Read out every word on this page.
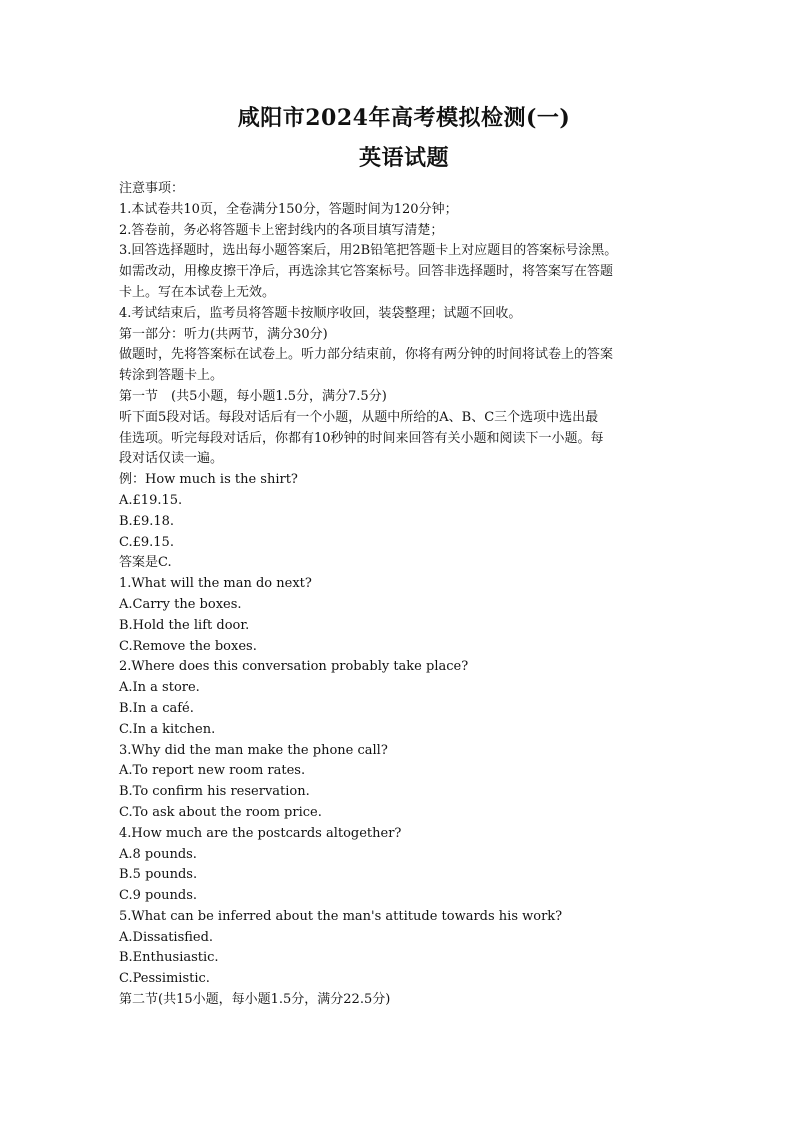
咸阳市2024年高考模拟检测(一)
英语试题
注意事项：
1.本试卷共10页，全卷满分150分，答题时间为120分钟；
2.答卷前，务必将答题卡上密封线内的各项目填写清楚；
3.回答选择题时，选出每小题答案后，用2B铅笔把答题卡上对应题目的答案标号涂黑。
如需改动，用橡皮擦干净后，再选涂其它答案标号。回答非选择题时，将答案写在答题
卡上。写在本试卷上无效。
4.考试结束后，监考员将答题卡按顺序收回，装袋整理；试题不回收。
第一部分：听力(共两节，满分30分)
做题时，先将答案标在试卷上。听力部分结束前，你将有两分钟的时间将试卷上的答案
转涂到答题卡上。
第一节　(共5小题，每小题1.5分，满分7.5分)
听下面5段对话。每段对话后有一个小题，从题中所给的A、B、C三个选项中选出最
佳选项。听完每段对话后，你都有10秒钟的时间来回答有关小题和阅读下一小题。每
段对话仅读一遍。
例：How much is the shirt?
A.£19.15.
B.£9.18.
C.£9.15.
答案是C.
1.What will the man do next?
A.Carry the boxes.
B.Hold the lift door.
C.Remove the boxes.
2.Where does this conversation probably take place?
A.In a store.
B.In a café.
C.In a kitchen.
3.Why did the man make the phone call?
A.To report new room rates.
B.To confirm his reservation.
C.To ask about the room price.
4.How much are the postcards altogether?
A.8 pounds.
B.5 pounds.
C.9 pounds.
5.What can be inferred about the man's attitude towards his work?
A.Dissatisfied.
B.Enthusiastic.
C.Pessimistic.
第二节(共15小题，每小题1.5分，满分22.5分)
